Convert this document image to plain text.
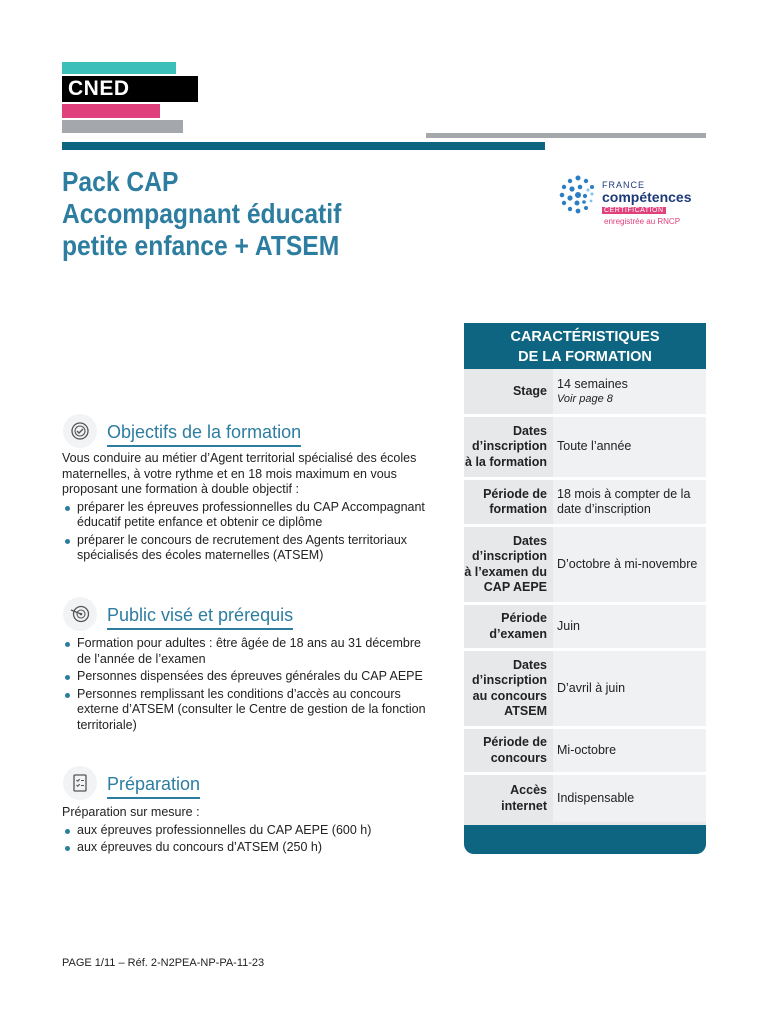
CNED
Pack CAP
Accompagnant éducatif
petite enfance + ATSEM
FRANCE
compétences
CERTIFICATION
enregistrée au RNCP
Objectifs de la formation
Vous conduire au métier d’Agent territorial spécialisé des écoles maternelles, à votre rythme et en 18 mois maximum en vous proposant une formation à double objectif :
préparer les épreuves professionnelles du CAP Accompagnant éducatif petite enfance et obtenir ce diplôme
préparer le concours de recrutement des Agents territoriaux spécialisés des écoles maternelles (ATSEM)
Public visé et prérequis
Formation pour adultes : être âgée de 18 ans au 31 décembre de l’année de l’examen
Personnes dispensées des épreuves générales du CAP AEPE
Personnes remplissant les conditions d’accès au concours externe d’ATSEM (consulter le Centre de gestion de la fonction territoriale)
Préparation
Préparation sur mesure :
aux épreuves professionnelles du CAP AEPE (600 h)
aux épreuves du concours d’ATSEM (250 h)
CARACTÉRISTIQUES
DE LA FORMATION
Stage 14 semaines
Voir page 8
Dates d’inscription à la formation
Toute l’année
Période de formation
18 mois à compter de la date d’inscription
Dates d’inscription à l’examen du CAP AEPE
D’octobre à mi-novembre
Période d’examen
Juin
Dates d’inscription au concours ATSEM
D’avril à juin
Période de concours
Mi-octobre
Accès internet
Indispensable
PAGE 1/11 – Réf. 2-N2PEA-NP-PA-11-23
